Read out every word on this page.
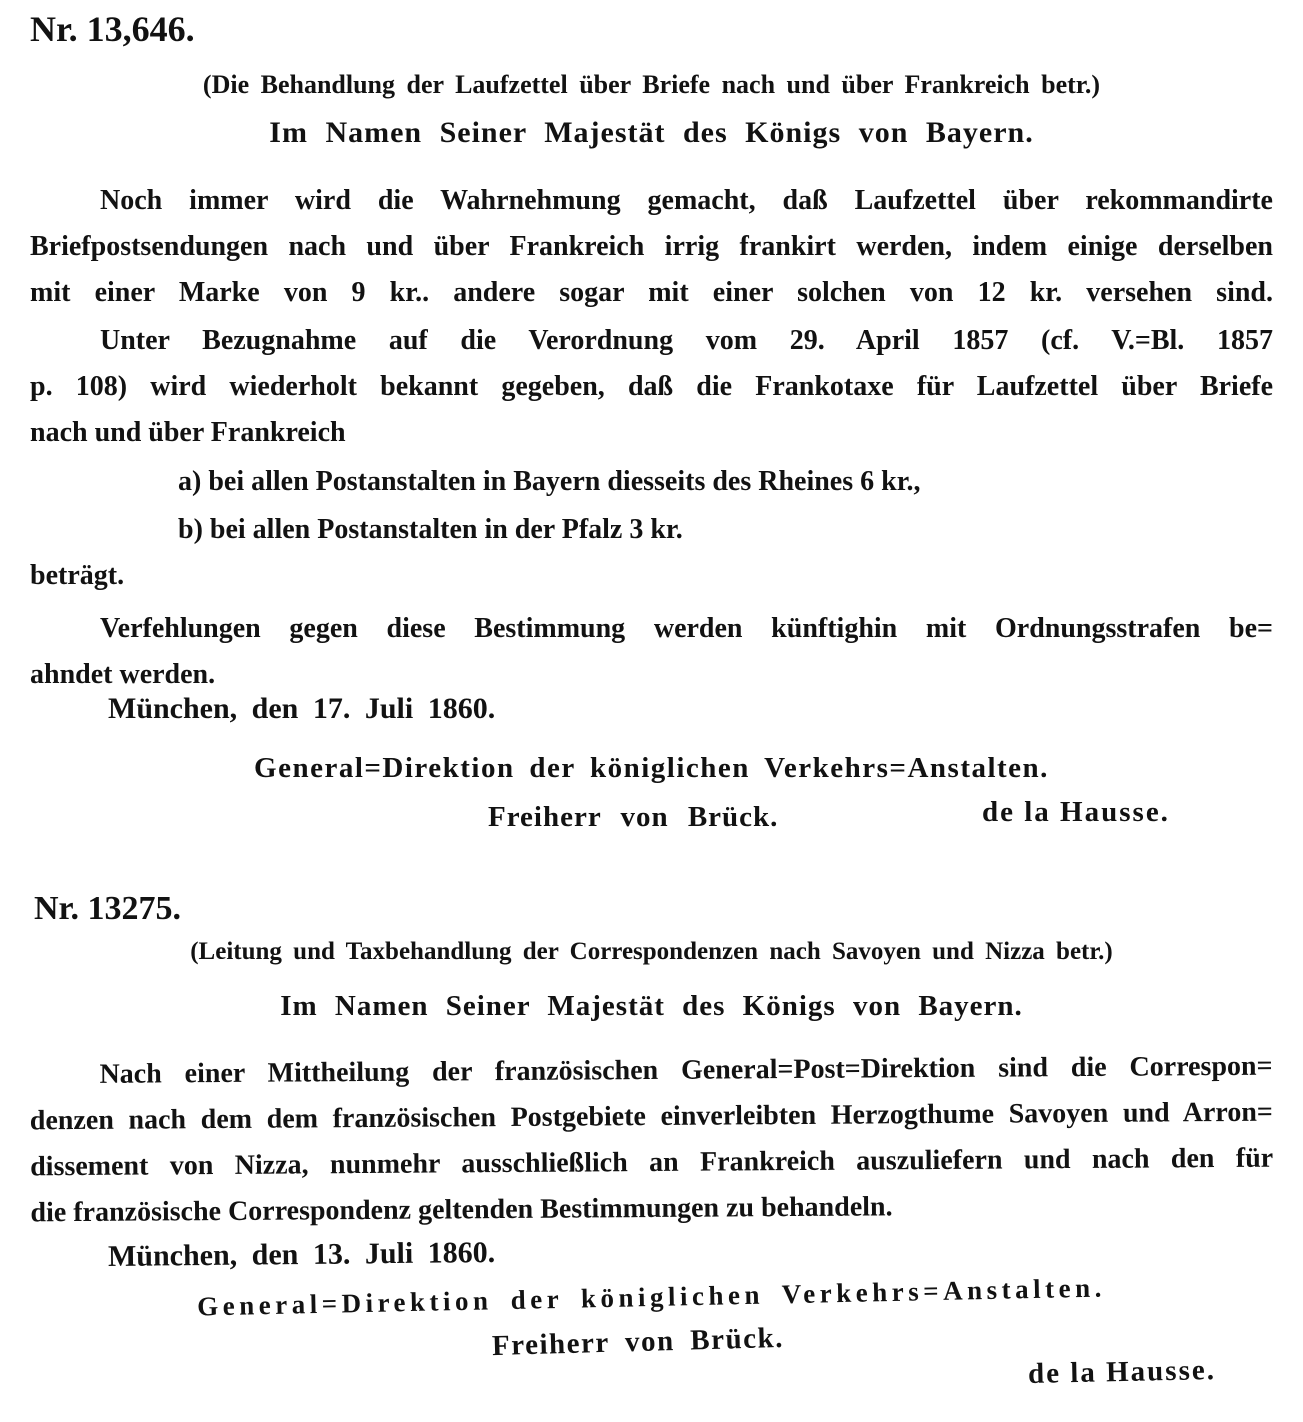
Nr. 13,646.
(Die Behandlung der Laufzettel über Briefe nach und über Frankreich betr.)
Im Namen Seiner Majestät des Königs von Bayern.
Noch immer wird die Wahrnehmung gemacht, daß Laufzettel über rekommandirte
Briefpostsendungen nach und über Frankreich irrig frankirt werden, indem einige derselben
mit einer Marke von 9 kr.. andere sogar mit einer solchen von 12 kr. versehen sind.
Unter Bezugnahme auf die Verordnung vom 29. April 1857 (cf. V.=Bl. 1857
p. 108) wird wiederholt bekannt gegeben, daß die Frankotaxe für Laufzettel über Briefe
nach und über Frankreich
a) bei allen Postanstalten in Bayern diesseits des Rheines 6 kr.,
b) bei allen Postanstalten in der Pfalz 3 kr.
beträgt.
Verfehlungen gegen diese Bestimmung werden künftighin mit Ordnungsstrafen be=
ahndet werden.
München, den 17. Juli 1860.
General=Direktion der königlichen Verkehrs=Anstalten.
Freiherr von Brück.	de la Hausse.
Nr. 13275.
(Leitung und Taxbehandlung der Correspondenzen nach Savoyen und Nizza betr.)
Im Namen Seiner Majestät des Königs von Bayern.
Nach einer Mittheilung der französischen General=Post=Direktion sind die Correspon=
denzen nach dem dem französischen Postgebiete einverleibten Herzogthume Savoyen und Arron=
dissement von Nizza, nunmehr ausschließlich an Frankreich auszuliefern und nach den für
die französische Correspondenz geltenden Bestimmungen zu behandeln.
München, den 13. Juli 1860.
General=Direktion der königlichen Verkehrs=Anstalten.
Freiherr von Brück.
de la Hausse.
